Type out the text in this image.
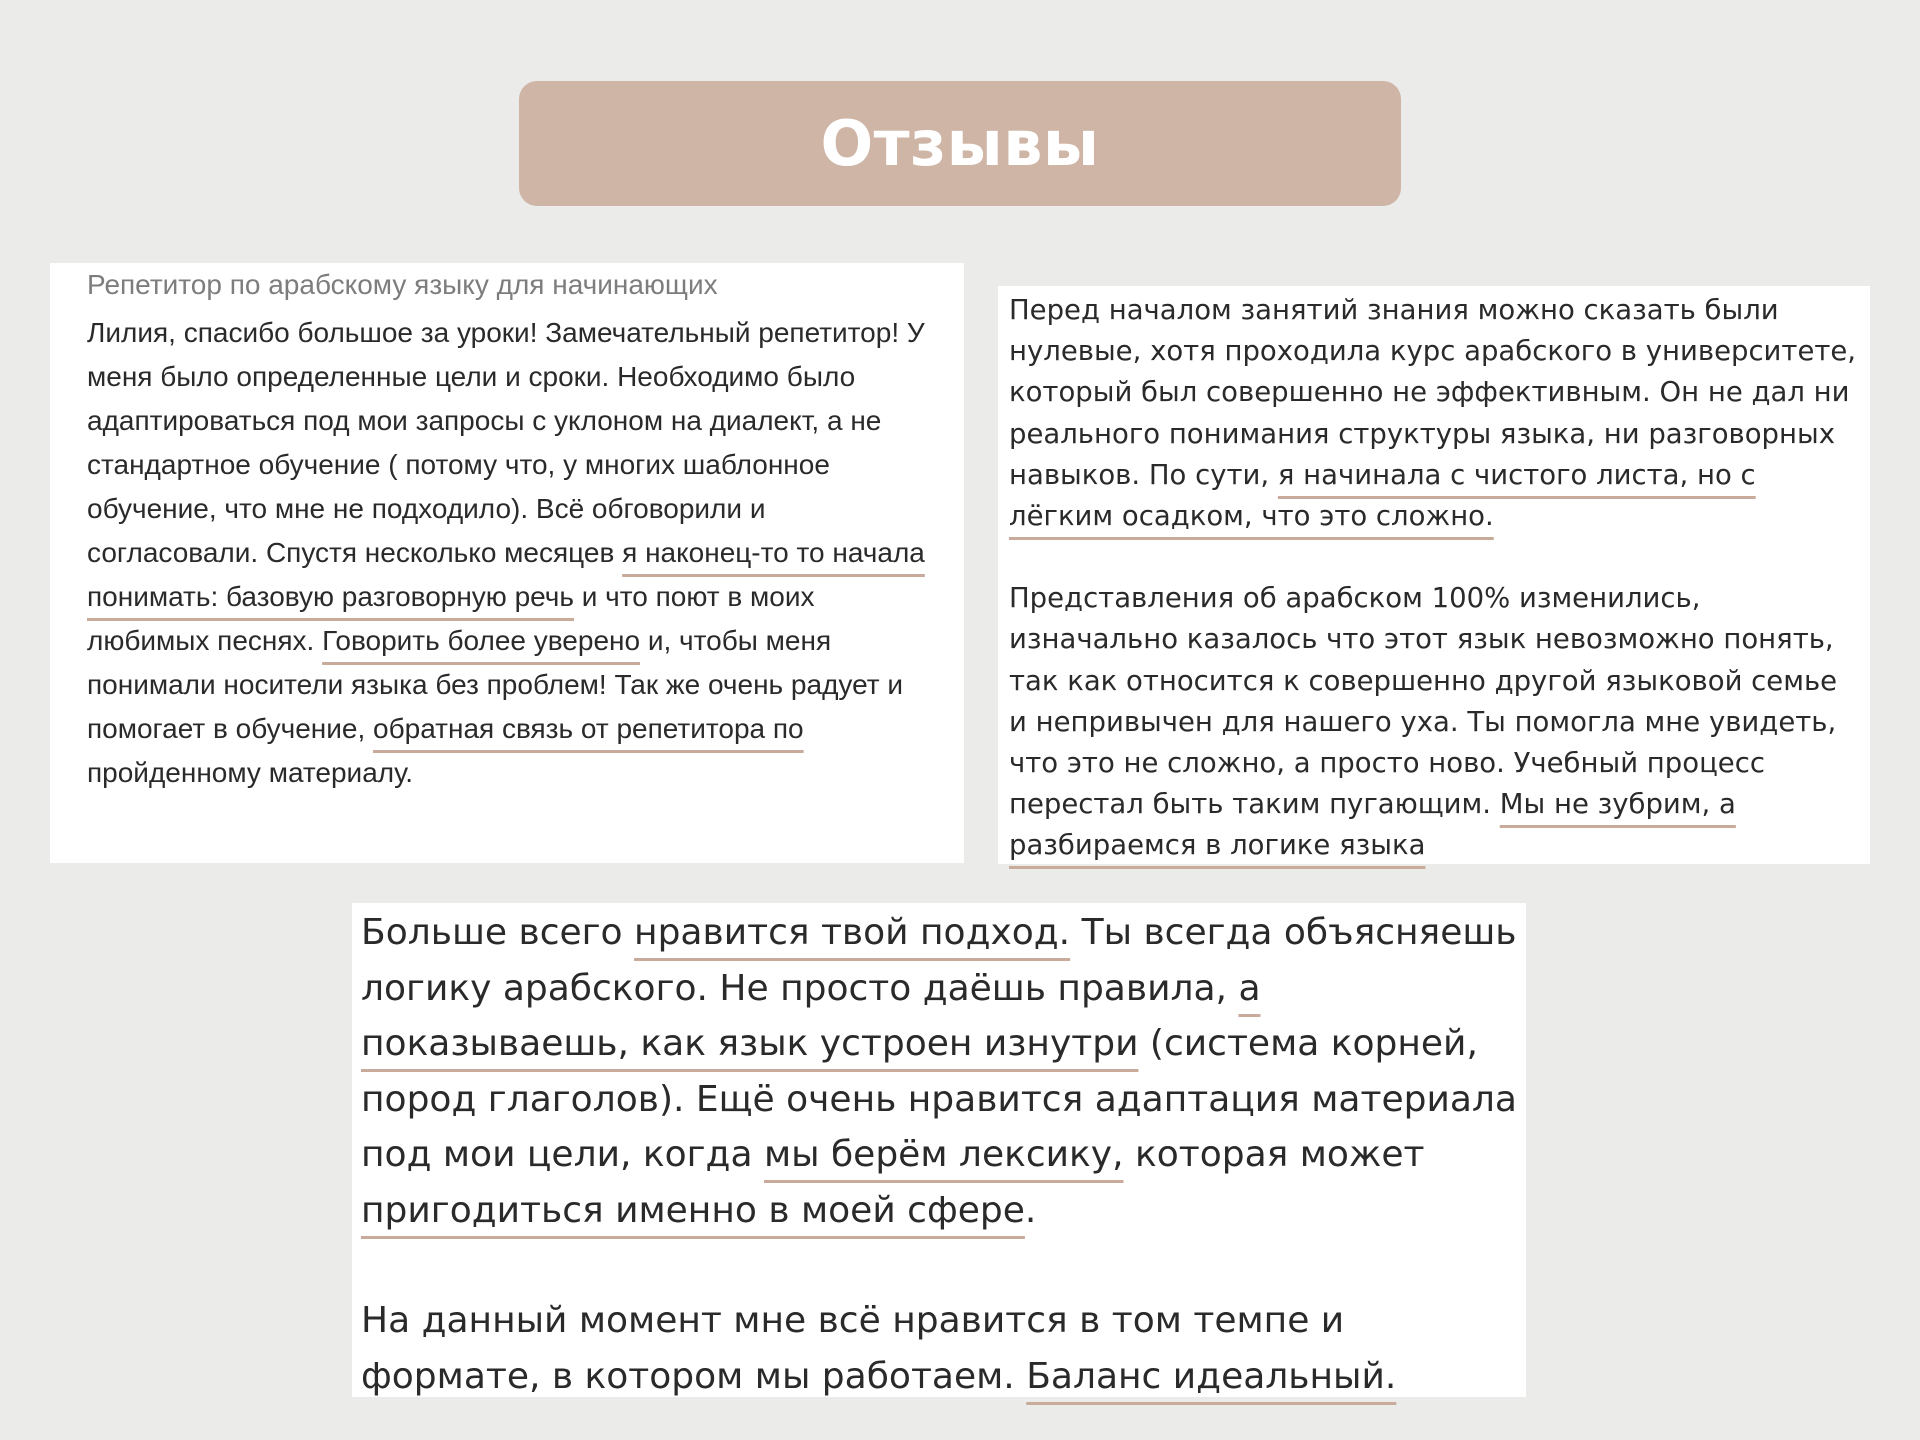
Отзывы

Репетитор по арабскому языку для начинающих

Лилия, спасибо большое за уроки! Замечательный репетитор! У меня было определенные цели и сроки. Необходимо было адаптироваться под мои запросы с уклоном на диалект, а не стандартное обучение ( потому что, у многих шаблонное обучение, что мне не подходило). Всё обговорили и согласовали. Спустя несколько месяцев я наконец-то то начала понимать: базовую разговорную речь и что поют в моих любимых песнях. Говорить более уверено и, чтобы меня понимали носители языка без проблем! Так же очень радует и помогает в обучение, обратная связь от репетитора по пройденному материалу.

Перед началом занятий знания можно сказать были нулевые, хотя проходила курс арабского в университете, который был совершенно не эффективным. Он не дал ни реального понимания структуры языка, ни разговорных навыков. По сути, я начинала с чистого листа, но с лёгким осадком, что это сложно.

Представления об арабском 100% изменились, изначально казалось что этот язык невозможно понять, так как относится к совершенно другой языковой семье и непривычен для нашего уха. Ты помогла мне увидеть, что это не сложно, а просто ново. Учебный процесс перестал быть таким пугающим. Мы не зубрим, а разбираемся в логике языка

Больше всего нравится твой подход. Ты всегда объясняешь логику арабского. Не просто даёшь правила, а показываешь, как язык устроен изнутри (система корней, пород глаголов). Ещё очень нравится адаптация материала под мои цели, когда мы берём лексику, которая может пригодиться именно в моей сфере.

На данный момент мне всё нравится в том темпе и формате, в котором мы работаем. Баланс идеальный.
